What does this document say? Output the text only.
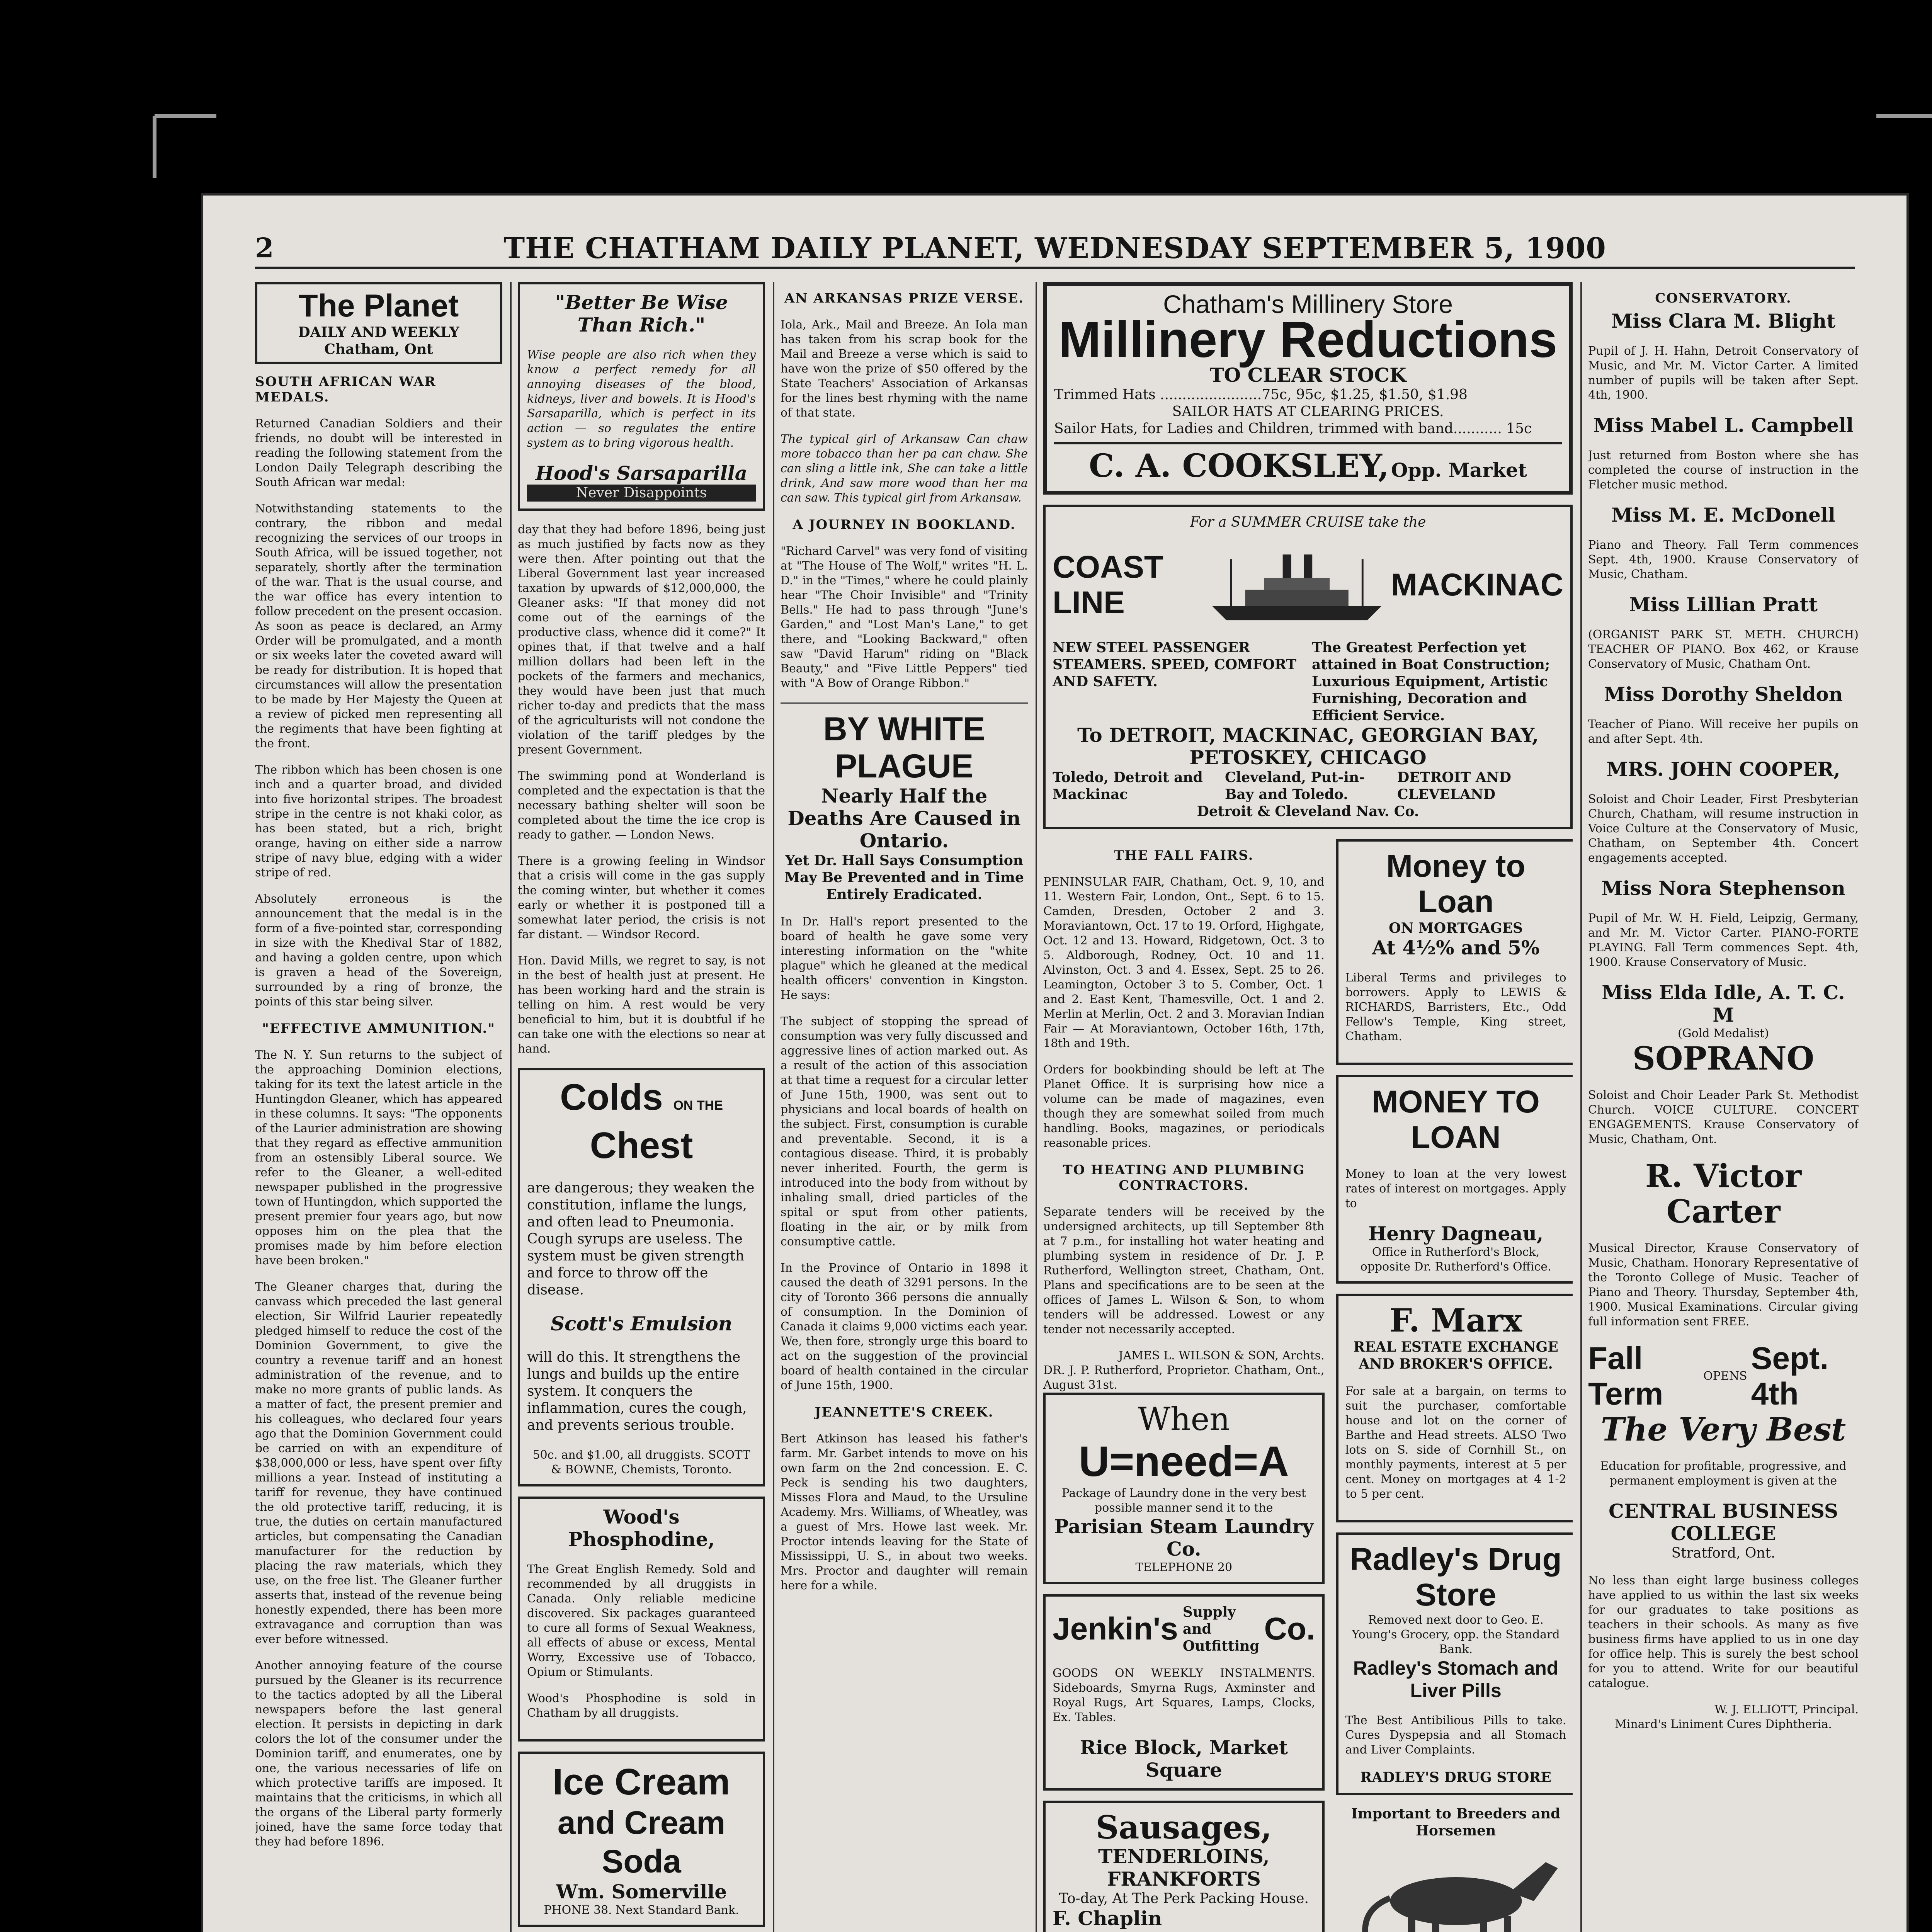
2	THE CHATHAM DAILY PLANET, WEDNESDAY SEPTEMBER 5, 1900
The Planet
DAILY AND WEEKLY
Chatham, Ont
SOUTH AFRICAN WAR MEDALS.

Returned Canadian Soldiers and their friends, no doubt will be interested in reading the following statement from the London Daily Telegraph describing the South African war medal:

Notwithstanding statements to the contrary, the ribbon and medal recognizing the services of our troops in South Africa, will be issued together, not separately, shortly after the termination of the war. That is the usual course, and the war office has every intention to follow precedent on the present occasion. As soon as peace is declared, an Army Order will be promulgated, and a month or six weeks later the coveted award will be ready for distribution. It is hoped that circumstances will allow the presentation to be made by Her Majesty the Queen at a review of picked men representing all the regiments that have been fighting at the front.

The ribbon which has been chosen is one inch and a quarter broad, and divided into five horizontal stripes. The broadest stripe in the centre is not khaki color, as has been stated, but a rich, bright orange, having on either side a narrow stripe of navy blue, edging with a wider stripe of red.

Absolutely erroneous is the announcement that the medal is in the form of a five-pointed star, corresponding in size with the Khedival Star of 1882, and having a golden centre, upon which is graven a head of the Sovereign, surrounded by a ring of bronze, the points of this star being silver.

"EFFECTIVE AMMUNITION."

The N. Y. Sun returns to the subject of the approaching Dominion elections, taking for its text the latest article in the Huntingdon Gleaner, which has appeared in these columns. It says: "The opponents of the Laurier administration are showing that they regard as effective ammunition from an ostensibly Liberal source. We refer to the Gleaner, a well-edited newspaper published in the progressive town of Huntingdon, which supported the present premier four years ago, but now opposes him on the plea that the promises made by him before election have been broken."

The Gleaner charges that, during the canvass which preceded the last general election, Sir Wilfrid Laurier repeatedly pledged himself to reduce the cost of the Dominion Government, to give the country a revenue tariff and an honest administration of the revenue, and to make no more grants of public lands. As a matter of fact, the present premier and his colleagues, who declared four years ago that the Dominion Government could be carried on with an expenditure of $38,000,000 or less, have spent over fifty millions a year. Instead of instituting a tariff for revenue, they have continued the old protective tariff, reducing, it is true, the duties on certain manufactured articles, but compensating the Canadian manufacturer for the reduction by placing the raw materials, which they use, on the free list. The Gleaner further asserts that, instead of the revenue being honestly expended, there has been more extravagance and corruption than was ever before witnessed.

Another annoying feature of the course pursued by the Gleaner is its recurrence to the tactics adopted by all the Liberal newspapers before the last general election. It persists in depicting in dark colors the lot of the consumer under the Dominion tariff, and enumerates, one by one, the various necessaries of life on which protective tariffs are imposed. It maintains that the criticisms, in which all the organs of the Liberal party formerly joined, have the same force today that they had before 1896.

"Better Be Wise Than Rich."

Wise people are also rich when they know a perfect remedy for all annoying diseases of the blood, kidneys, liver and bowels. It is Hood's Sarsaparilla, which is perfect in its action — so regulates the entire system as to bring vigorous health.

Hood's Sarsaparilla
Never Disappoints

day that they had before 1896, being just as much justified by facts now as they were then. After pointing out that the Liberal Government last year increased taxation by upwards of $12,000,000, the Gleaner asks: "If that money did not come out of the earnings of the productive class, whence did it come?" It opines that, if that twelve and a half million dollars had been left in the pockets of the farmers and mechanics, they would have been just that much richer to-day and predicts that the mass of the agriculturists will not condone the violation of the tariff pledges by the present Government.

The swimming pond at Wonderland is completed and the expectation is that the necessary bathing shelter will soon be completed about the time the ice crop is ready to gather. — London News.

There is a growing feeling in Windsor that a crisis will come in the gas supply the coming winter, but whether it comes early or whether it is postponed till a somewhat later period, the crisis is not far distant. — Windsor Record.

Hon. David Mills, we regret to say, is not in the best of health just at present. He has been working hard and the strain is telling on him. A rest would be very beneficial to him, but it is doubtful if he can take one with the elections so near at hand.

Colds ON THE Chest

are dangerous; they weaken the constitution, inflame the lungs, and often lead to Pneumonia. Cough syrups are useless. The system must be given strength and force to throw off the disease.

Scott's Emulsion

will do this. It strengthens the lungs and builds up the entire system. It conquers the inflammation, cures the cough, and prevents serious trouble.

50c. and $1.00, all druggists. SCOTT & BOWNE, Chemists, Toronto.
Wood's Phosphodine,

The Great English Remedy. Sold and recommended by all druggists in Canada. Only reliable medicine discovered. Six packages guaranteed to cure all forms of Sexual Weakness, all effects of abuse or excess, Mental Worry, Excessive use of Tobacco, Opium or Stimulants.

Wood's Phosphodine is sold in Chatham by all druggists.

Ice Cream
and Cream Soda
Wm. Somerville
PHONE 38. Next Standard Bank.

AN ARKANSAS PRIZE VERSE.

Iola, Ark., Mail and Breeze. An Iola man has taken from his scrap book for the Mail and Breeze a verse which is said to have won the prize of $50 offered by the State Teachers' Association of Arkansas for the lines best rhyming with the name of that state.

The typical girl of Arkansaw Can chaw more tobacco than her pa can chaw. She can sling a little ink, She can take a little drink, And saw more wood than her ma can saw. This typical girl from Arkansaw.

A JOURNEY IN BOOKLAND.

"Richard Carvel" was very fond of visiting at "The House of The Wolf," writes "H. L. D." in the "Times," where he could plainly hear "The Choir Invisible" and "Trinity Bells." He had to pass through "June's Garden," and "Lost Man's Lane," to get there, and "Looking Backward," often saw "David Harum" riding on "Black Beauty," and "Five Little Peppers" tied with "A Bow of Orange Ribbon."

BY WHITE PLAGUE
Nearly Half the Deaths Are Caused in Ontario.
Yet Dr. Hall Says Consumption May Be Prevented and in Time Entirely Eradicated.

In Dr. Hall's report presented to the board of health he gave some very interesting information on the "white plague" which he gleaned at the medical health officers' convention in Kingston. He says:

The subject of stopping the spread of consumption was very fully discussed and aggressive lines of action marked out. As a result of the action of this association at that time a request for a circular letter of June 15th, 1900, was sent out to physicians and local boards of health on the subject. First, consumption is curable and preventable. Second, it is a contagious disease. Third, it is probably never inherited. Fourth, the germ is introduced into the body from without by inhaling small, dried particles of the spital or sput from other patients, floating in the air, or by milk from consumptive cattle.

In the Province of Ontario in 1898 it caused the death of 3291 persons. In the city of Toronto 366 persons die annually of consumption. In the Dominion of Canada it claims 9,000 victims each year. We, then fore, strongly urge this board to act on the suggestion of the provincial board of health contained in the circular of June 15th, 1900.

JEANNETTE'S CREEK.

Bert Atkinson has leased his father's farm. Mr. Garbet intends to move on his own farm on the 2nd concession. E. C. Peck is sending his two daughters, Misses Flora and Maud, to the Ursuline Academy. Mrs. Williams, of Wheatley, was a guest of Mrs. Howe last week. Mr. Proctor intends leaving for the State of Mississippi, U. S., in about two weeks. Mrs. Proctor and daughter will remain here for a while.

Chatham's Millinery Store
Millinery Reductions
TO CLEAR STOCK
Trimmed Hats .......................75c, 95c, $1.25, $1.50, $1.98
SAILOR HATS AT CLEARING PRICES.
Sailor Hats, for Ladies and Children, trimmed with band........... 15c
C. A. COOKSLEY, Opp. Market
For a SUMMER CRUISE take the
COAST LINE
MACKINAC
NEW STEEL PASSENGER STEAMERS. SPEED, COMFORT AND SAFETY.
The Greatest Perfection yet attained in Boat Construction; Luxurious Equipment, Artistic Furnishing, Decoration and Efficient Service.
To DETROIT, MACKINAC, GEORGIAN BAY, PETOSKEY, CHICAGO
Toledo, Detroit and Mackinac
Cleveland, Put-in-Bay and Toledo.
DETROIT AND CLEVELAND
Detroit & Cleveland Nav. Co.
THE FALL FAIRS.

PENINSULAR FAIR, Chatham, Oct. 9, 10, and 11. Western Fair, London, Ont., Sept. 6 to 15. Camden, Dresden, October 2 and 3. Moraviantown, Oct. 17 to 19. Orford, Highgate, Oct. 12 and 13. Howard, Ridgetown, Oct. 3 to 5. Aldborough, Rodney, Oct. 10 and 11. Alvinston, Oct. 3 and 4. Essex, Sept. 25 to 26. Leamington, October 3 to 5. Comber, Oct. 1 and 2. East Kent, Thamesville, Oct. 1 and 2. Merlin at Merlin, Oct. 2 and 3. Moravian Indian Fair — At Moraviantown, October 16th, 17th, 18th and 19th.

Orders for bookbinding should be left at The Planet Office. It is surprising how nice a volume can be made of magazines, even though they are somewhat soiled from much handling. Books, magazines, or periodicals reasonable prices.

TO HEATING AND PLUMBING CONTRACTORS.

Separate tenders will be received by the undersigned architects, up till September 8th at 7 p.m., for installing hot water heating and plumbing system in residence of Dr. J. P. Rutherford, Wellington street, Chatham, Ont. Plans and specifications are to be seen at the offices of James L. Wilson & Son, to whom tenders will be addressed. Lowest or any tender not necessarily accepted.

JAMES L. WILSON & SON, Archts.
DR. J. P. Rutherford, Proprietor. Chatham, Ont., August 31st.
When
U=need=A
Package of Laundry done in the very best possible manner send it to the
Parisian Steam Laundry Co.
TELEPHONE 20
Jenkin's Supply and Outfitting Co.

GOODS ON WEEKLY INSTALMENTS. Sideboards, Smyrna Rugs, Axminster and Royal Rugs, Art Squares, Lamps, Clocks, Ex. Tables.

Rice Block, Market Square
Sausages,
TENDERLOINS, FRANKFORTS
To-day, At The Perk Packing House.
F. Chaplin
Money to Loan
ON MORTGAGES
At 4½% and 5%

Liberal Terms and privileges to borrowers. Apply to LEWIS & RICHARDS, Barristers, Etc., Odd Fellow's Temple, King street, Chatham.

MONEY TO LOAN

Money to loan at the very lowest rates of interest on mortgages. Apply to

Henry Dagneau,
Office in Rutherford's Block, opposite Dr. Rutherford's Office.
F. Marx
REAL ESTATE EXCHANGE AND BROKER'S OFFICE.

For sale at a bargain, on terms to suit the purchaser, comfortable house and lot on the corner of Barthe and Head streets. ALSO Two lots on S. side of Cornhill St., on monthly payments, interest at 5 per cent. Money on mortgages at 4 1-2 to 5 per cent.

Radley's Drug Store
Removed next door to Geo. E. Young's Grocery, opp. the Standard Bank.
Radley's Stomach and Liver Pills

The Best Antibilious Pills to take. Cures Dyspepsia and all Stomach and Liver Complaints.

RADLEY'S DRUG STORE
Important to Breeders and Horsemen

CONSERVATORY.
Miss Clara M. Blight

Pupil of J. H. Hahn, Detroit Conservatory of Music, and Mr. M. Victor Carter. A limited number of pupils will be taken after Sept. 4th, 1900.

Miss Mabel L. Campbell

Just returned from Boston where she has completed the course of instruction in the Fletcher music method.

Miss M. E. McDonell

Piano and Theory. Fall Term commences Sept. 4th, 1900. Krause Conservatory of Music, Chatham.

Miss Lillian Pratt

(ORGANIST PARK ST. METH. CHURCH) TEACHER OF PIANO. Box 462, or Krause Conservatory of Music, Chatham Ont.

Miss Dorothy Sheldon

Teacher of Piano. Will receive her pupils on and after Sept. 4th.

MRS. JOHN COOPER,

Soloist and Choir Leader, First Presbyterian Church, Chatham, will resume instruction in Voice Culture at the Conservatory of Music, Chatham, on September 4th. Concert engagements accepted.

Miss Nora Stephenson

Pupil of Mr. W. H. Field, Leipzig, Germany, and Mr. M. Victor Carter. PIANO-FORTE PLAYING. Fall Term commences Sept. 4th, 1900. Krause Conservatory of Music.

Miss Elda Idle, A. T. C. M
(Gold Medalist)
SOPRANO

Soloist and Choir Leader Park St. Methodist Church. VOICE CULTURE. CONCERT ENGAGEMENTS. Krause Conservatory of Music, Chatham, Ont.

R. Victor Carter

Musical Director, Krause Conservatory of Music, Chatham. Honorary Representative of the Toronto College of Music. Teacher of Piano and Theory. Thursday, September 4th, 1900. Musical Examinations. Circular giving full information sent FREE.

Fall Term
OPENS
Sept. 4th
The Very Best

Education for profitable, progressive, and permanent employment is given at the

CENTRAL BUSINESS COLLEGE
Stratford, Ont.

No less than eight large business colleges have applied to us within the last six weeks for our graduates to take positions as teachers in their schools. As many as five business firms have applied to us in one day for office help. This is surely the best school for you to attend. Write for our beautiful catalogue.

W. J. ELLIOTT, Principal.
Minard's Liniment Cures Diphtheria.
